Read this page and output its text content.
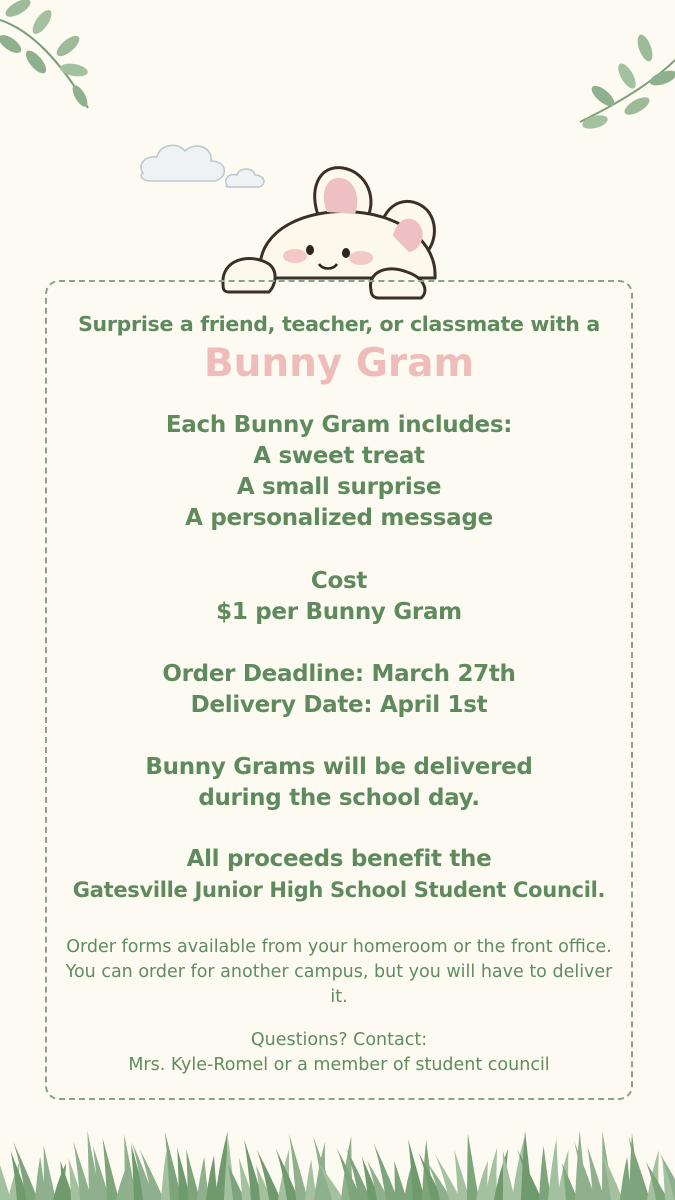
Surprise a friend, teacher, or classmate with a
Bunny Gram
Each Bunny Gram includes:
A sweet treat
A small surprise
A personalized message
Cost
$1 per Bunny Gram
Order Deadline: March 27th
Delivery Date: April 1st
Bunny Grams will be delivered
during the school day.
All proceeds benefit the
Gatesville Junior High School Student Council.
Order forms available from your homeroom or the front office. You can order for another campus, but you will have to deliver it.
Questions? Contact:
Mrs. Kyle-Romel or a member of student council
